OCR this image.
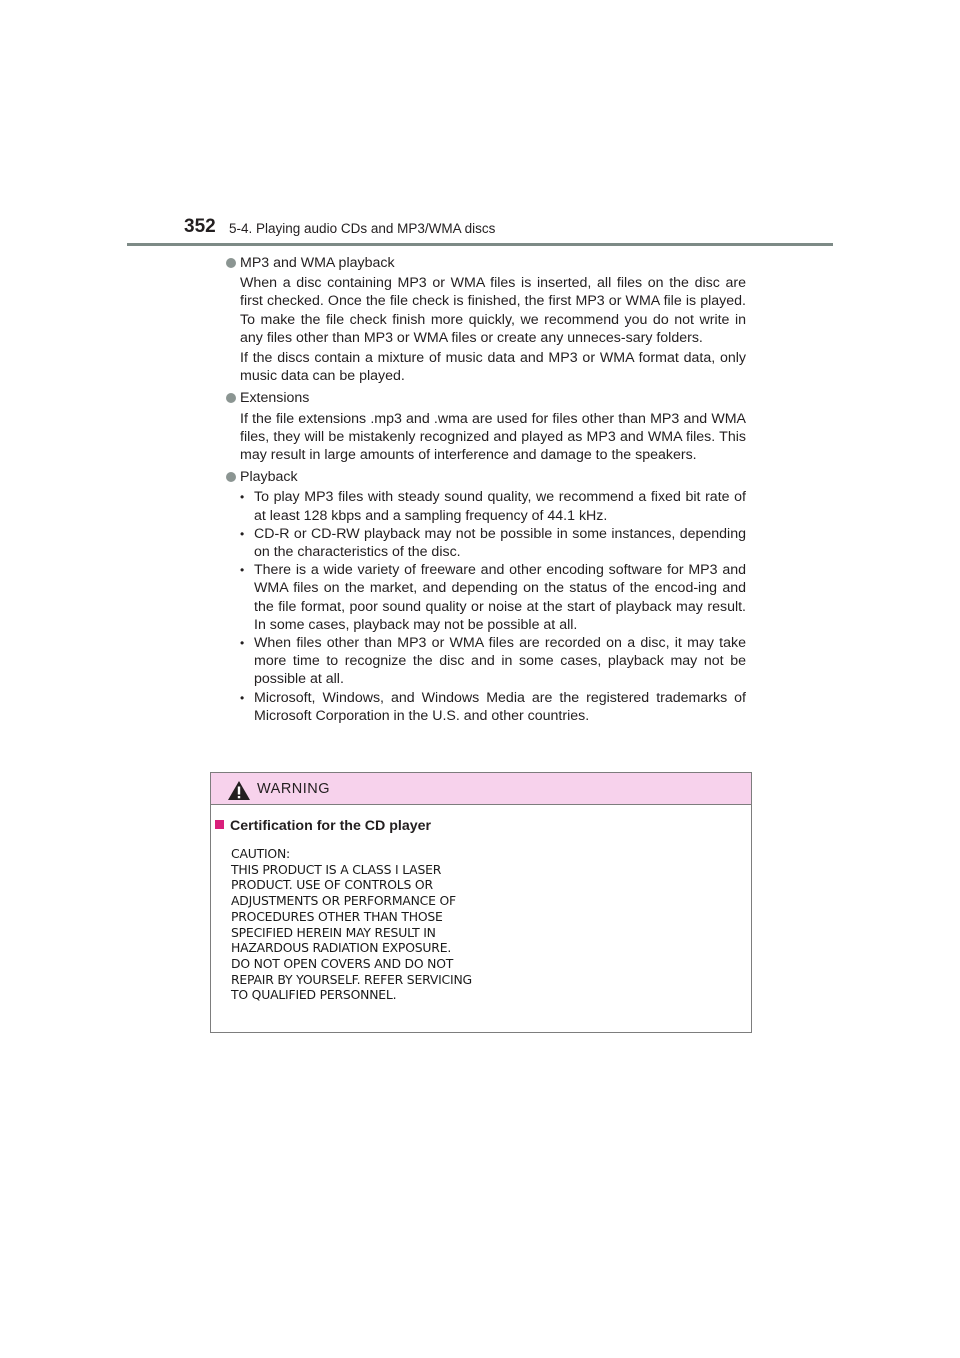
352 5-4. Playing audio CDs and MP3/WMA discs

MP3 and WMA playback

When a disc containing MP3 or WMA files is inserted, all files on the disc are first checked. Once the file check is finished, the first MP3 or WMA file is played. To make the file check finish more quickly, we recommend you do not write in any files other than MP3 or WMA files or create any unneces-sary folders.

If the discs contain a mixture of music data and MP3 or WMA format data, only music data can be played.

Extensions

If the file extensions .mp3 and .wma are used for files other than MP3 and WMA files, they will be mistakenly recognized and played as MP3 and WMA files. This may result in large amounts of interference and damage to the speakers.

Playback

• To play MP3 files with steady sound quality, we recommend a fixed bit rate of at least 128 kbps and a sampling frequency of 44.1 kHz.
• CD-R or CD-RW playback may not be possible in some instances, depending on the characteristics of the disc.
• There is a wide variety of freeware and other encoding software for MP3 and WMA files on the market, and depending on the status of the encod-ing and the file format, poor sound quality or noise at the start of playback may result. In some cases, playback may not be possible at all.
• When files other than MP3 or WMA files are recorded on a disc, it may take more time to recognize the disc and in some cases, playback may not be possible at all.
• Microsoft, Windows, and Windows Media are the registered trademarks of Microsoft Corporation in the U.S. and other countries.
WARNING
Certification for the CD player
CAUTION:
THIS PRODUCT IS A CLASS Ⅰ LASER
PRODUCT. USE OF CONTROLS OR
ADJUSTMENTS OR PERFORMANCE OF
PROCEDURES OTHER THAN THOSE
SPECIFIED HEREIN MAY RESULT IN
HAZARDOUS RADIATION EXPOSURE.
DO NOT OPEN COVERS AND DO NOT
REPAIR BY YOURSELF. REFER SERVICING
TO QUALIFIED PERSONNEL.
